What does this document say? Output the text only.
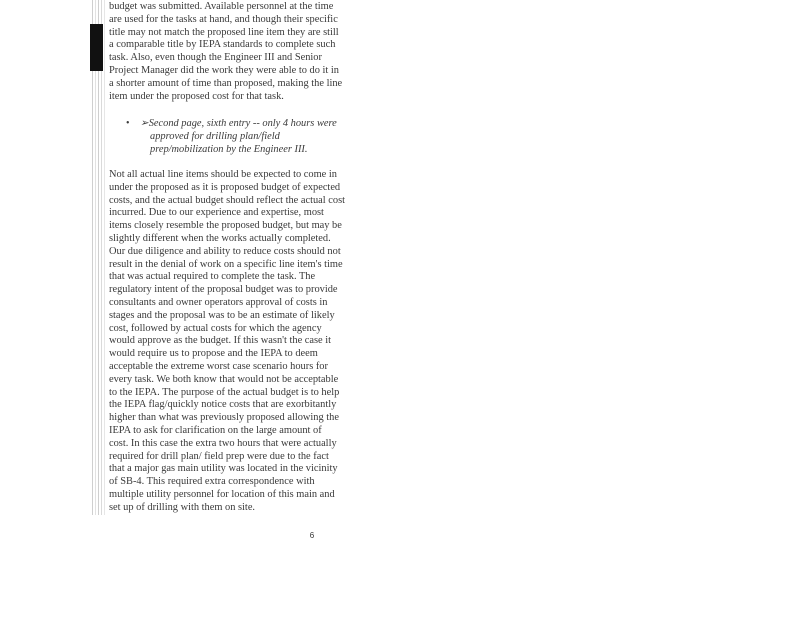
budget was submitted. Available personnel at the time
are used for the tasks at hand, and though their specific
title may not match the proposed line item they are still
a comparable title by IEPA standards to complete such
task. Also, even though the Engineer III and Senior
Project Manager did the work they were able to do it in
a shorter amount of time than proposed, making the line
item under the proposed cost for that task.
• ➢Second page, sixth entry -- only 4 hours were
approved for drilling plan/field
prep/mobilization by the Engineer III.
Not all actual line items should be expected to come in
under the proposed as it is proposed budget of expected
costs, and the actual budget should reflect the actual cost
incurred. Due to our experience and expertise, most
items closely resemble the proposed budget, but may be
slightly different when the works actually completed.
Our due diligence and ability to reduce costs should not
result in the denial of work on a specific line item's time
that was actual required to complete the task. The
regulatory intent of the proposal budget was to provide
consultants and owner operators approval of costs in
stages and the proposal was to be an estimate of likely
cost, followed by actual costs for which the agency
would approve as the budget. If this wasn't the case it
would require us to propose and the IEPA to deem
acceptable the extreme worst case scenario hours for
every task. We both know that would not be acceptable
to the IEPA. The purpose of the actual budget is to help
the IEPA flag/quickly notice costs that are exorbitantly
higher than what was previously proposed allowing the
IEPA to ask for clarification on the large amount of
cost. In this case the extra two hours that were actually
required for drill plan/ field prep were due to the fact
that a major gas main utility was located in the vicinity
of SB-4. This required extra correspondence with
multiple utility personnel for location of this main and
set up of drilling with them on site.
6
